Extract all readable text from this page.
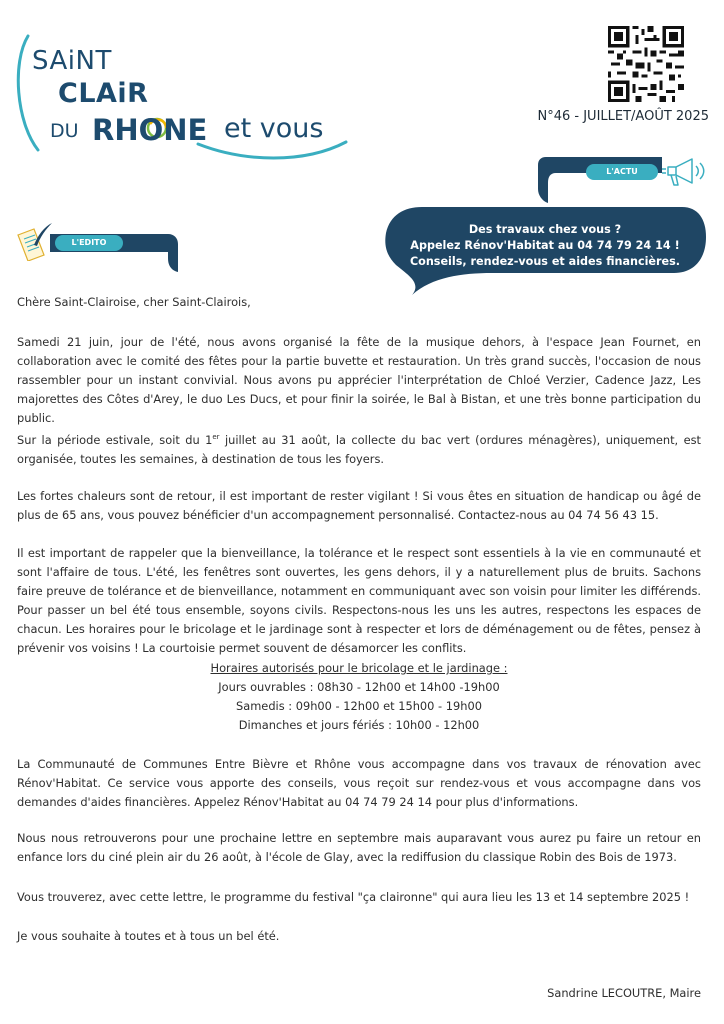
SAiNT
CLAiR
DU RHONE et vous	N°46 - JUILLET/AOÛT 2025
L'ACTU
Des travaux chez vous ?
Appelez Rénov'Habitat au 04 74 79 24 14 !
Conseils, rendez-vous et aides financières.
L'EDITO
Chère Saint-Clairoise, cher Saint-Clairois,
Samedi 21 juin, jour de l'été, nous avons organisé la fête de la musique dehors, à l'espace Jean Fournet, en collaboration avec le comité des fêtes pour la partie buvette et restauration. Un très grand succès, l'occasion de nous rassembler pour un instant convivial. Nous avons pu apprécier l'interprétation de Chloé Verzier, Cadence Jazz, Les majorettes des Côtes d'Arey, le duo Les Ducs, et pour finir la soirée, le Bal à Bistan, et une très bonne participation du public.
Sur la période estivale, soit du 1er juillet au 31 août, la collecte du bac vert (ordures ménagères), uniquement, est organisée, toutes les semaines, à destination de tous les foyers.
Les fortes chaleurs sont de retour, il est important de rester vigilant ! Si vous êtes en situation de handicap ou âgé de plus de 65 ans, vous pouvez bénéficier d'un accompagnement personnalisé. Contactez-nous au 04 74 56 43 15.
Il est important de rappeler que la bienveillance, la tolérance et le respect sont essentiels à la vie en communauté et sont l'affaire de tous. L'été, les fenêtres sont ouvertes, les gens dehors, il y a naturellement plus de bruits. Sachons faire preuve de tolérance et de bienveillance, notamment en communiquant avec son voisin pour limiter les différends. Pour passer un bel été tous ensemble, soyons civils. Respectons-nous les uns les autres, respectons les espaces de chacun. Les horaires pour le bricolage et le jardinage sont à respecter et lors de déménagement ou de fêtes, pensez à prévenir vos voisins ! La courtoisie permet souvent de désamorcer les conflits.
Horaires autorisés pour le bricolage et le jardinage :
Jours ouvrables : 08h30 - 12h00 et 14h00 -19h00
Samedis : 09h00 - 12h00 et 15h00 - 19h00
Dimanches et jours fériés : 10h00 - 12h00
La Communauté de Communes Entre Bièvre et Rhône vous accompagne dans vos travaux de rénovation avec Rénov'Habitat. Ce service vous apporte des conseils, vous reçoit sur rendez-vous et vous accompagne dans vos demandes d'aides financières. Appelez Rénov'Habitat au 04 74 79 24 14 pour plus d'informations.
Nous nous retrouverons pour une prochaine lettre en septembre mais auparavant vous aurez pu faire un retour en enfance lors du ciné plein air du 26 août, à l'école de Glay, avec la rediffusion du classique Robin des Bois de 1973.
Vous trouverez, avec cette lettre, le programme du festival "ça claironne" qui aura lieu les 13 et 14 septembre 2025 !
Je vous souhaite à toutes et à tous un bel été.
Sandrine LECOUTRE, Maire
